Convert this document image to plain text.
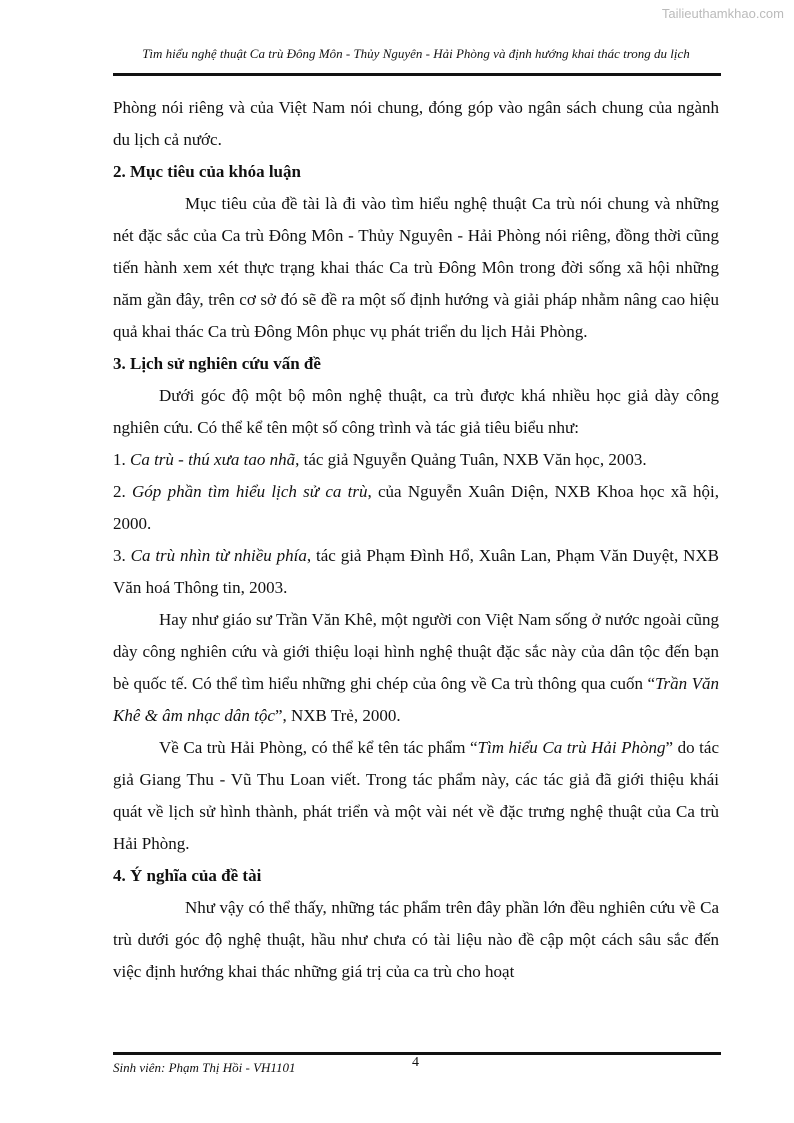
Tailieuthamkhao.com
Tìm hiểu nghệ thuật Ca trù Đông Môn - Thủy Nguyên - Hải Phòng và định hướng khai thác trong du lịch

Phòng nói riêng và của Việt Nam nói chung, đóng góp vào ngân sách chung của ngành du lịch cả nước.

2. Mục tiêu của khóa luận

Mục tiêu của đề tài là đi vào tìm hiểu nghệ thuật Ca trù nói chung và những nét đặc sắc của Ca trù Đông Môn - Thủy Nguyên - Hải Phòng nói riêng, đồng thời cũng tiến hành xem xét thực trạng khai thác Ca trù Đông Môn trong đời sống xã hội những năm gần đây, trên cơ sở đó sẽ đề ra một số định hướng và giải pháp nhằm nâng cao hiệu quả khai thác Ca trù Đông Môn phục vụ phát triển du lịch Hải Phòng.

3. Lịch sử nghiên cứu vấn đề

Dưới góc độ một bộ môn nghệ thuật, ca trù được khá nhiều học giả dày công nghiên cứu. Có thể kể tên một số công trình và tác giả tiêu biểu như:

1. Ca trù - thú xưa tao nhã, tác giả Nguyễn Quảng Tuân, NXB Văn học, 2003.

2. Góp phần tìm hiểu lịch sử ca trù, của Nguyễn Xuân Diện, NXB Khoa học xã hội, 2000.

3. Ca trù nhìn từ nhiều phía, tác giả Phạm Đình Hổ, Xuân Lan, Phạm Văn Duyệt, NXB Văn hoá Thông tin, 2003.

Hay như giáo sư Trần Văn Khê, một người con Việt Nam sống ở nước ngoài cũng dày công nghiên cứu và giới thiệu loại hình nghệ thuật đặc sắc này của dân tộc đến bạn bè quốc tế. Có thể tìm hiểu những ghi chép của ông về Ca trù thông qua cuốn “Trần Văn Khê & âm nhạc dân tộc”, NXB Trẻ, 2000.

Về Ca trù Hải Phòng, có thể kể tên tác phẩm “Tìm hiểu Ca trù Hải Phòng” do tác giả Giang Thu - Vũ Thu Loan viết. Trong tác phẩm này, các tác giả đã giới thiệu khái quát về lịch sử hình thành, phát triển và một vài nét về đặc trưng nghệ thuật của Ca trù Hải Phòng.

4. Ý nghĩa của đề tài

Như vậy có thể thấy, những tác phẩm trên đây phần lớn đều nghiên cứu về Ca trù dưới góc độ nghệ thuật, hầu như chưa có tài liệu nào đề cập một cách sâu sắc đến việc định hướng khai thác những giá trị của ca trù cho hoạt

Sinh viên: Phạm Thị Hồi - VH1101	4
